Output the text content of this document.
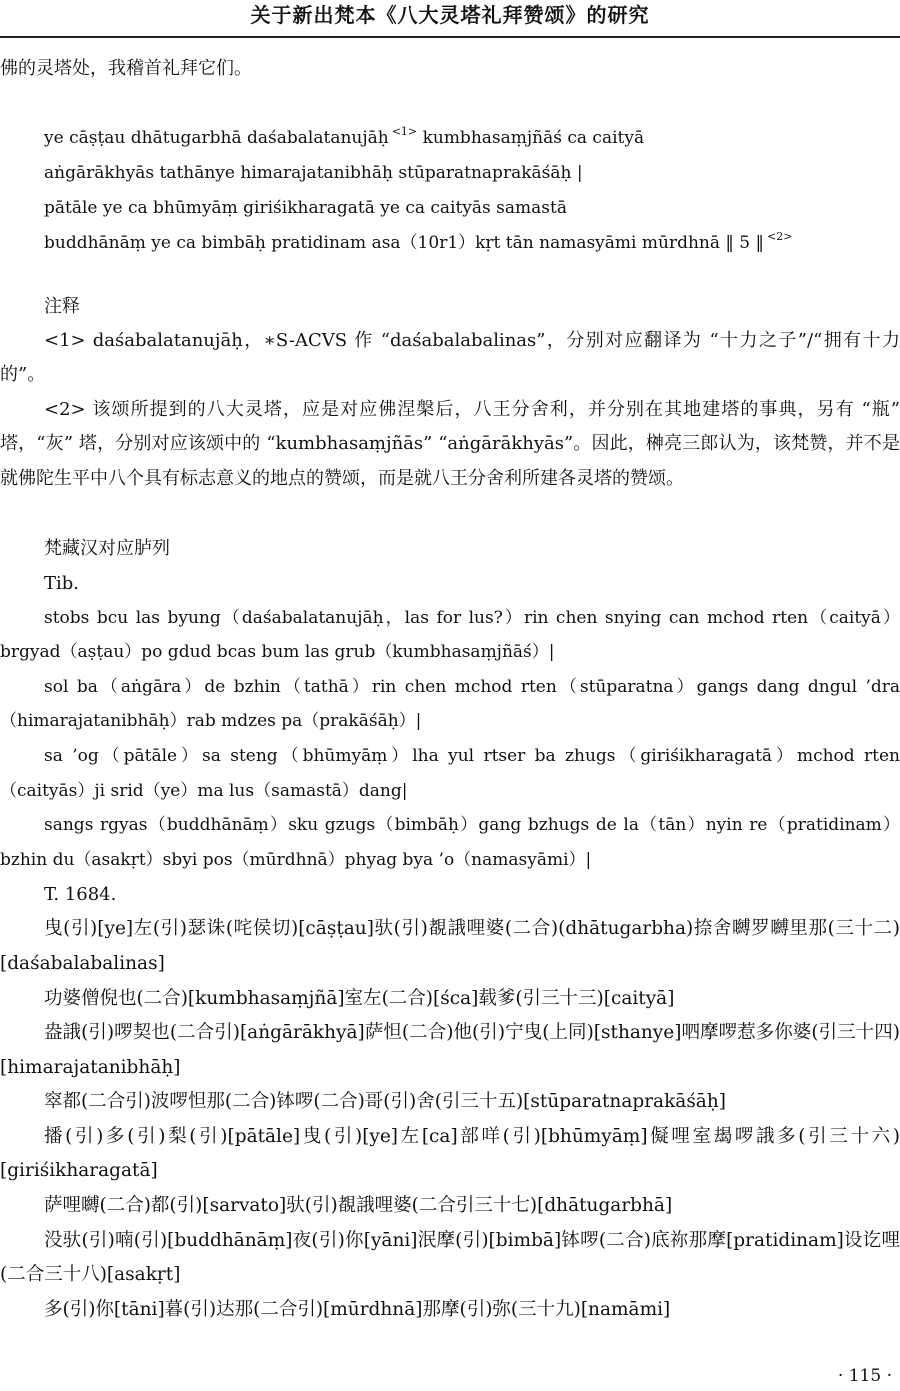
关于新出梵本《八大灵塔礼拜赞颂》的研究

佛的灵塔处，我稽首礼拜它们。

ye cāṣṭau dhātugarbhā daśabalatanujāḥ $^{<1>}$ kumbhasaṃjñāś ca caityā

aṅgārākhyās tathānye himarajatanibhāḥ stūparatnaprakāśāḥ |

pātāle ye ca bhūmyāṃ giriśikharagatā ye ca caityās samastā

buddhānāṃ ye ca bimbāḥ pratidinam asa（10r1）kṛt tān namasyāmi mūrdhnā ‖ 5 ‖ $^{<2>}$

注释

<1> daśabalatanujāḥ，∗S-ACVS 作 “daśabalabalinas”，分别对应翻译为 “十力之子”/“拥有十力的”。

<2> 该颂所提到的八大灵塔，应是对应佛涅槃后，八王分舍利，并分别在其地建塔的事典，另有 “瓶” 塔，“灰” 塔，分别对应该颂中的 “kumbhasaṃjñās” “aṅgārākhyās”。因此，榊亮三郎认为，该梵赞，并不是就佛陀生平中八个具有标志意义的地点的赞颂，而是就八王分舍利所建各灵塔的赞颂。

梵藏汉对应胪列

Tib.

stobs bcu las byung（daśabalatanujāḥ，las for lus?）rin chen snying can mchod rten（caityā）brgyad（aṣṭau）po gdud bcas bum las grub（kumbhasaṃjñāś）|

sol ba（aṅgāra）de bzhin（tathā）rin chen mchod rten（stūparatna）gangs dang dngul ’dra（himarajatanibhāḥ）rab mdzes pa（prakāśāḥ）|

sa ’og（pātāle）sa steng（bhūmyāṃ）lha yul rtser ba zhugs（giriśikharagatā）mchod rten（caityās）ji srid（ye）ma lus（samastā）dang|

sangs rgyas（buddhānāṃ）sku gzugs（bimbāḥ）gang bzhugs de la（tān）nyin re（pratidinam）bzhin du（asakṛt）sbyi pos（mūrdhnā）phyag bya ’o（namasyāmi）|

T. 1684.

曳(引)[ye]左(引)瑟诛(咤侯切)[cāṣṭau]驮(引)覩誐哩婆(二合)(dhātugarbha)捺舍嚩罗嚩里那(三十二)[daśabalabalinas]

功婆僧倪也(二合)[kumbhasaṃjñā]室左(二合)[śca]载爹(引三十三)[caityā]

盎誐(引)啰契也(二合引)[aṅgārākhyā]萨怛(二合)他(引)宁曳(上同)[sthanye]呬摩啰惹多你婆(引三十四)[himarajatanibhāḥ]

窣都(二合引)波啰怛那(二合)钵啰(二合)哥(引)舍(引三十五)[stūparatnaprakāśāḥ]

播(引)多(引)梨(引)[pātāle]曳(引)[ye]左[ca]部咩(引)[bhūmyāṃ]儗哩室朅啰誐多(引三十六)[giriśikharagatā]

萨哩嚩(二合)都(引)[sarvato]驮(引)覩誐哩婆(二合引三十七)[dhātugarbhā]

没驮(引)喃(引)[buddhānāṃ]夜(引)你[yāni]泯摩(引)[bimbā]钵啰(二合)底祢那摩[pratidinam]设讫哩(二合三十八)[asakṛt]

多(引)你[tāni]暮(引)达那(二合引)[mūrdhnā]那摩(引)弥(三十九)[namāmi]

· 115 ·
